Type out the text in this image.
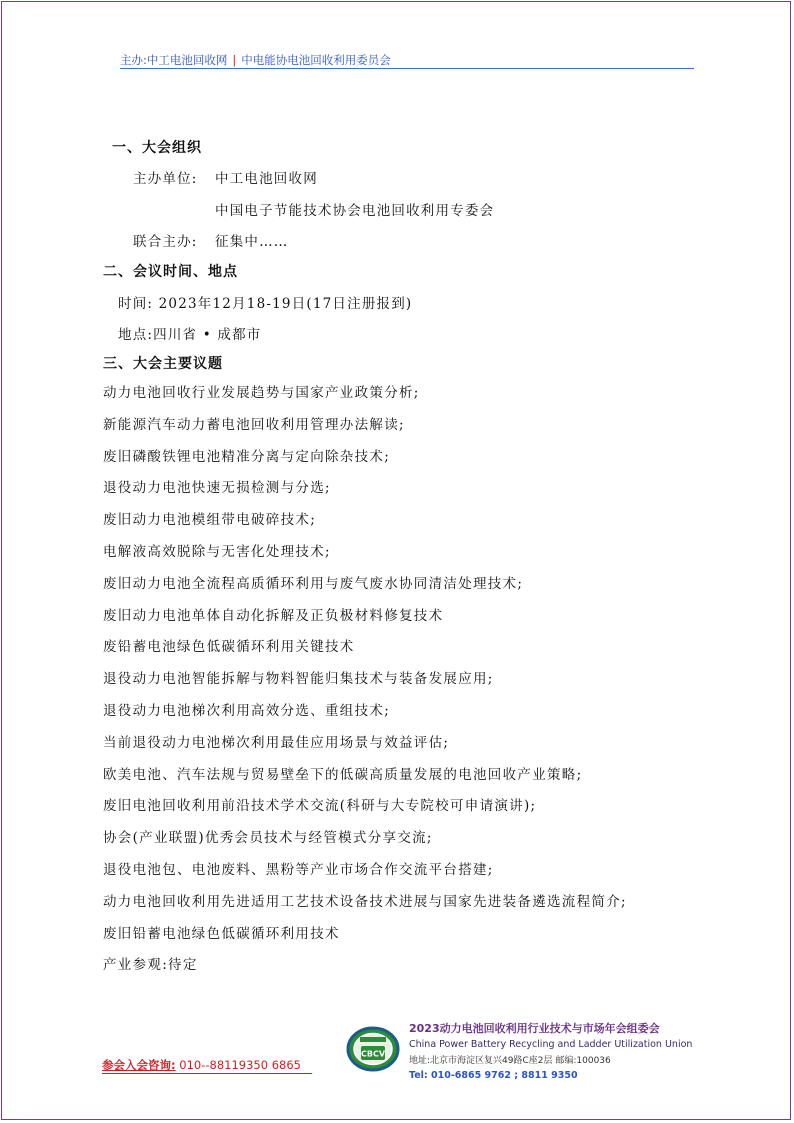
主办:中工电池回收网 | 中电能协电池回收利用委员会
一、大会组织
主办单位: 中工电池回收网
中国电子节能技术协会电池回收利用专委会
联合主办: 征集中……
二、会议时间、地点
时间: 2023年12月18-19日(17日注册报到)
地点:四川省 • 成都市
三、大会主要议题
动力电池回收行业发展趋势与国家产业政策分析;
新能源汽车动力蓄电池回收利用管理办法解读;
废旧磷酸铁锂电池精准分离与定向除杂技术;
退役动力电池快速无损检测与分选;
废旧动力电池模组带电破碎技术;
电解液高效脱除与无害化处理技术;
废旧动力电池全流程高质循环利用与废气废水协同清洁处理技术;
废旧动力电池单体自动化拆解及正负极材料修复技术
废铅蓄电池绿色低碳循环利用关键技术
退役动力电池智能拆解与物料智能归集技术与装备发展应用;
退役动力电池梯次利用高效分选、重组技术;
当前退役动力电池梯次利用最佳应用场景与效益评估;
欧美电池、汽车法规与贸易壁垒下的低碳高质量发展的电池回收产业策略;
废旧电池回收利用前沿技术学术交流(科研与大专院校可申请演讲);
协会(产业联盟)优秀会员技术与经管模式分享交流;
退役电池包、电池废料、黑粉等产业市场合作交流平台搭建;
动力电池回收利用先进适用工艺技术设备技术进展与国家先进装备遴选流程简介;
废旧铅蓄电池绿色低碳循环利用技术
产业参观:待定
参会入会咨询: 010--88119350 6865
CBCV
2023动力电池回收利用行业技术与市场年会组委会
China Power Battery Recycling and Ladder Utilization Union
地址:北京市海淀区复兴49路C座2层 邮编:100036
Tel: 010-6865 9762 ; 8811 9350
